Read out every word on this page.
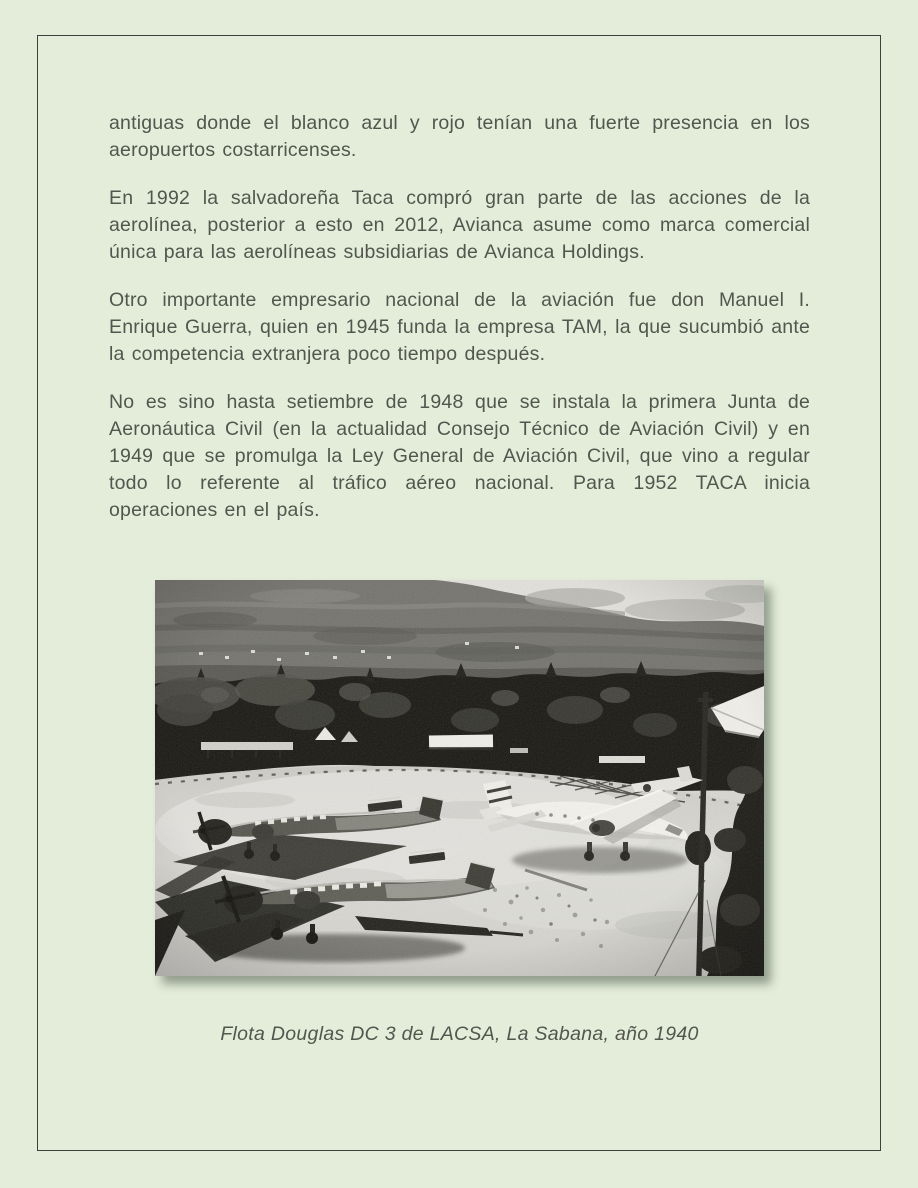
antiguas donde el blanco azul y rojo tenían una fuerte presencia en los aeropuertos costarricenses.

En 1992 la salvadoreña Taca compró gran parte de las acciones de la aerolínea, posterior a esto en 2012, Avianca asume como marca comercial única para las aerolíneas subsidiarias de Avianca Holdings.

Otro importante empresario nacional de la aviación fue don Manuel I. Enrique Guerra, quien en 1945 funda la empresa TAM, la que sucumbió ante la competencia extranjera poco tiempo después.

No es sino hasta setiembre de 1948 que se instala la primera Junta de Aeronáutica Civil (en la actualidad Consejo Técnico de Aviación Civil) y en 1949 que se promulga la Ley General de Aviación Civil, que vino a regular todo lo referente al tráfico aéreo nacional. Para 1952 TACA inicia operaciones en el país.

Flota Douglas DC 3 de LACSA, La Sabana, año 1940
